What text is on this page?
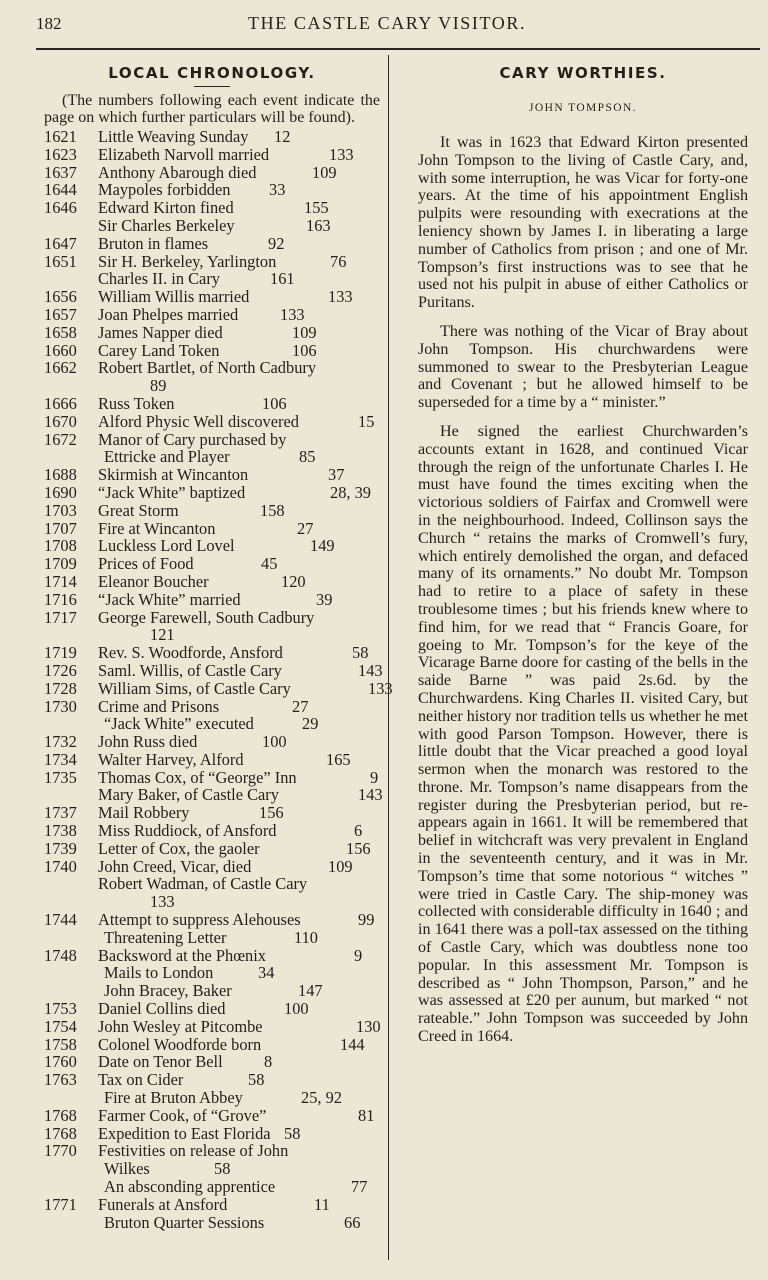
182	THE CASTLE CARY VISITOR.
LOCAL CHRONOLOGY.

(The numbers following each event indicate the page on which further particulars will be found).

1621	Little Weaving Sunday 12
1623	Elizabeth Narvoll married	133
1637	Anthony Abarough died	109
1644	Maypoles forbidden 33
1646	Edward Kirton fined	155
Sir Charles Berkeley	163
1647	Bruton in flames	92
1651	Sir H. Berkeley, Yarlington	76
Charles II. in Cary	161
1656	William Willis married	133
1657	Joan Phelpes married	133
1658	James Napper died	109
1660	Carey Land Token	106
1662	Robert Bartlet, of North Cadbury
89
1666	Russ Token	106
1670	Alford Physic Well discovered	15
1672	Manor of Cary purchased by
Ettricke and Player	85
1688	Skirmish at Wincanton	37
1690	“Jack White” baptized	28, 39
1703	Great Storm	158
1707	Fire at Wincanton	27
1708	Luckless Lord Lovel	149
1709	Prices of Food	45
1714	Eleanor Boucher	120
1716	“Jack White” married	39
1717	George Farewell, South Cadbury
121
1719	Rev. S. Woodforde, Ansford	58
1726	Saml. Willis, of Castle Cary	143
1728	William Sims, of Castle Cary	133
1730	Crime and Prisons	27
“Jack White” executed	29
1732	John Russ died	100
1734	Walter Harvey, Alford	165
1735	Thomas Cox, of “George” Inn	9
Mary Baker, of Castle Cary	143
1737	Mail Robbery	156
1738	Miss Ruddiock, of Ansford	6
1739	Letter of Cox, the gaoler	156
1740	John Creed, Vicar, died	109
Robert Wadman, of Castle Cary
133
1744	Attempt to suppress Alehouses	99
Threatening Letter	110
1748	Backsword at the Phœnix	9
Mails to London	34
John Bracey, Baker	147
1753	Daniel Collins died	100
1754	John Wesley at Pitcombe	130
1758	Colonel Woodforde born	144
1760	Date on Tenor Bell	8
1763	Tax on Cider	58
Fire at Bruton Abbey	25, 92
1768	Farmer Cook, of “Grove”	81
1768	Expedition to East Florida 58
1770	Festivities on release of John
Wilkes	58
An absconding apprentice	77
1771	Funerals at Ansford	11
Bruton Quarter Sessions	66
CARY WORTHIES.
JOHN TOMPSON.

It was in 1623 that Edward Kirton presented John Tompson to the living of Castle Cary, and, with some interruption, he was Vicar for forty-one years. At the time of his appointment English pulpits were resounding with execrations at the leniency shown by James I. in liberating a large number of Catholics from prison ; and one of Mr. Tompson’s first instructions was to see that he used not his pulpit in abuse of either Catholics or Puritans.

There was nothing of the Vicar of Bray about John Tompson. His churchwardens were summoned to swear to the Presbyterian League and Covenant ; but he allowed himself to be superseded for a time by a “ minister.”

He signed the earliest Churchwarden’s accounts extant in 1628, and continued Vicar through the reign of the unfortunate Charles I. He must have found the times exciting when the victorious soldiers of Fairfax and Cromwell were in the neighbourhood. Indeed, Collinson says the Church “ retains the marks of Cromwell’s fury, which entirely demolished the organ, and defaced many of its ornaments.” No doubt Mr. Tompson had to retire to a place of safety in these troublesome times ; but his friends knew where to find him, for we read that “ Francis Goare, for goeing to Mr. Tompson’s for the keye of the Vicarage Barne doore for casting of the bells in the saide Barne ” was paid 2s.6d. by the Churchwardens. King Charles II. visited Cary, but neither history nor tradition tells us whether he met with good Parson Tompson. However, there is little doubt that the Vicar preached a good loyal sermon when the monarch was restored to the throne. Mr. Tompson’s name disappears from the register during the Presbyterian period, but re-appears again in 1661. It will be remembered that belief in witchcraft was very prevalent in England in the seventeenth century, and it was in Mr. Tompson’s time that some notorious “ witches ” were tried in Castle Cary. The ship-money was collected with considerable difficulty in 1640 ; and in 1641 there was a poll-tax assessed on the tithing of Castle Cary, which was doubtless none too popular. In this assessment Mr. Tompson is described as “ John Thompson, Parson,” and he was assessed at £20 per aunum, but marked “ not rateable.” John Tompson was succeeded by John Creed in 1664.
